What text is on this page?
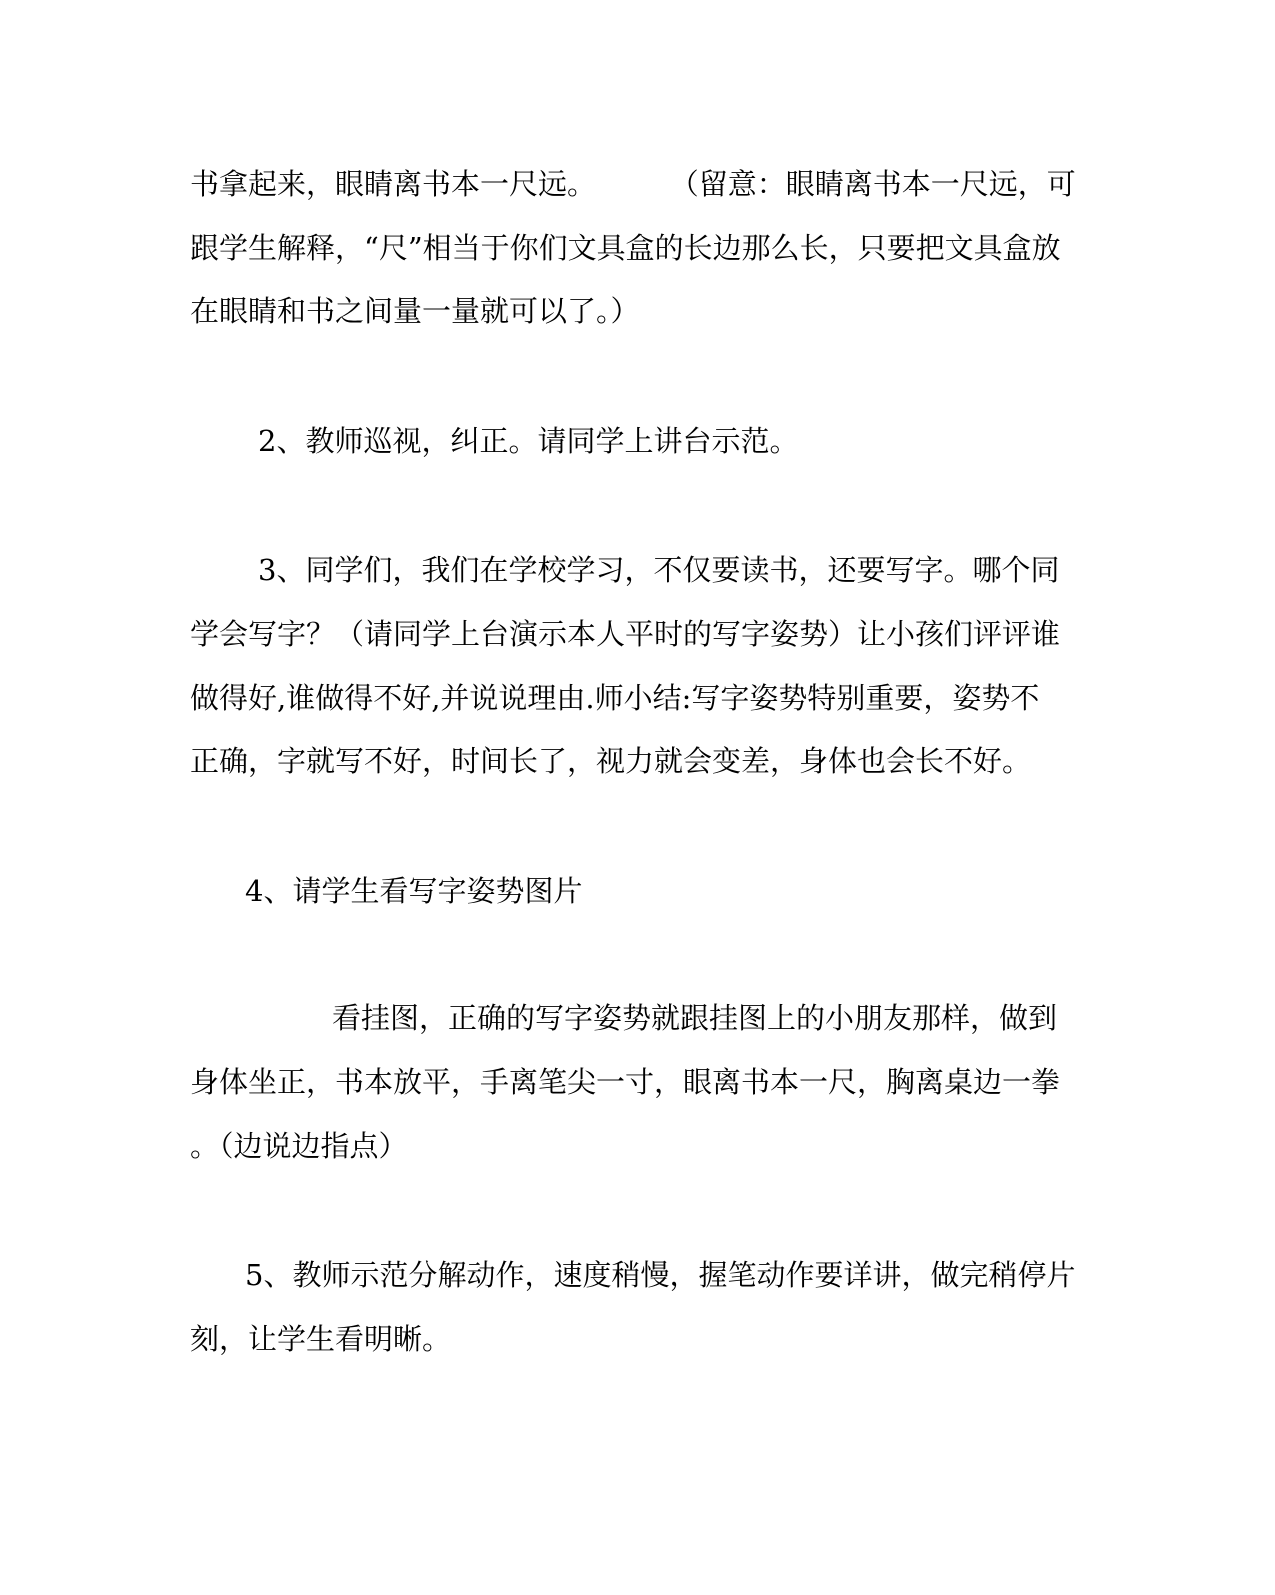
书拿起来，眼睛离书本一尺远。        （留意：眼睛离书本一尺远，可
跟学生解释，“尺”相当于你们文具盒的长边那么长，只要把文具盒放
在眼睛和书之间量一量就可以了。）
2、教师巡视，纠正。请同学上讲台示范。
3、同学们，我们在学校学习，不仅要读书，还要写字。哪个同
学会写字？（请同学上台演示本人平时的写字姿势）让小孩们评评谁
做得好,谁做得不好,并说说理由.师小结:写字姿势特别重要，姿势不
正确，字就写不好，时间长了，视力就会变差，身体也会长不好。
4、请学生看写字姿势图片
看挂图，正确的写字姿势就跟挂图上的小朋友那样，做到
身体坐正，书本放平，手离笔尖一寸，眼离书本一尺，胸离桌边一拳
。（边说边指点）
5、教师示范分解动作，速度稍慢，握笔动作要详讲，做完稍停片
刻，让学生看明晰。
